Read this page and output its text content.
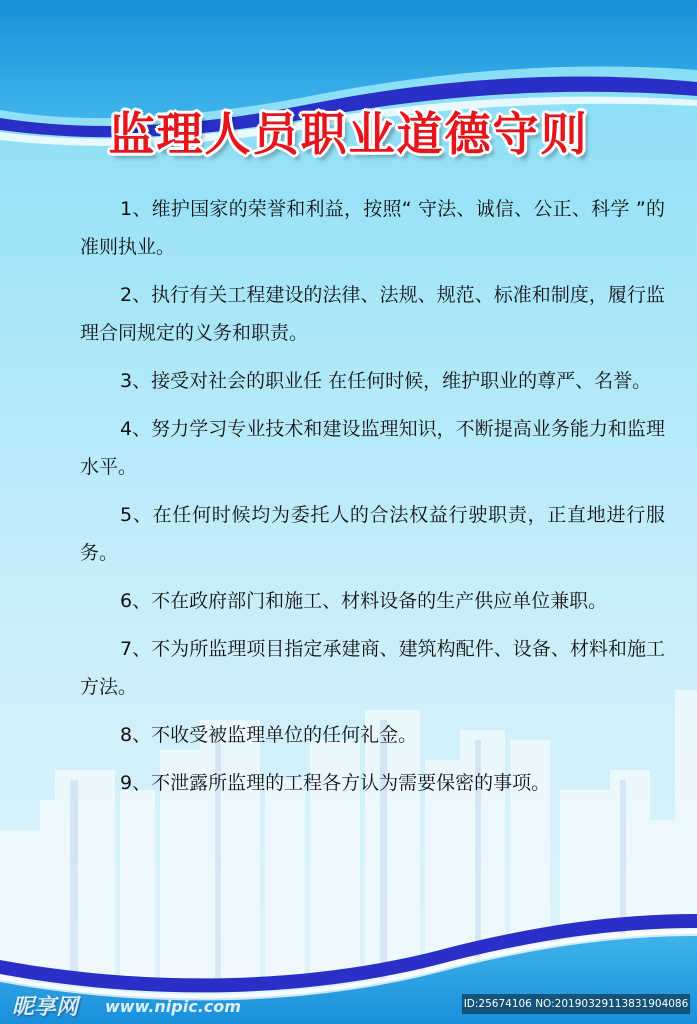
监理人员职业道德守则

1、维护国家的荣誉和利益，按照“ 守法、诚信、公正、科学 ”的准则执业。

2、执行有关工程建设的法律、法规、规范、标准和制度，履行监理合同规定的义务和职责。

3、接受对社会的职业任 在任何时候，维护职业的尊严、名誉。

4、努力学习专业技术和建设监理知识，不断提高业务能力和监理水平。

5、在任何时候均为委托人的合法权益行驶职责，正直地进行服务。

6、不在政府部门和施工、材料设备的生产供应单位兼职。

7、不为所监理项目指定承建商、建筑构配件、设备、材料和施工方法。

8、不收受被监理单位的任何礼金。

9、不泄露所监理的工程各方认为需要保密的事项。

昵享网 www.nipic.com	ID:25674106 NO:20190329113831904086
